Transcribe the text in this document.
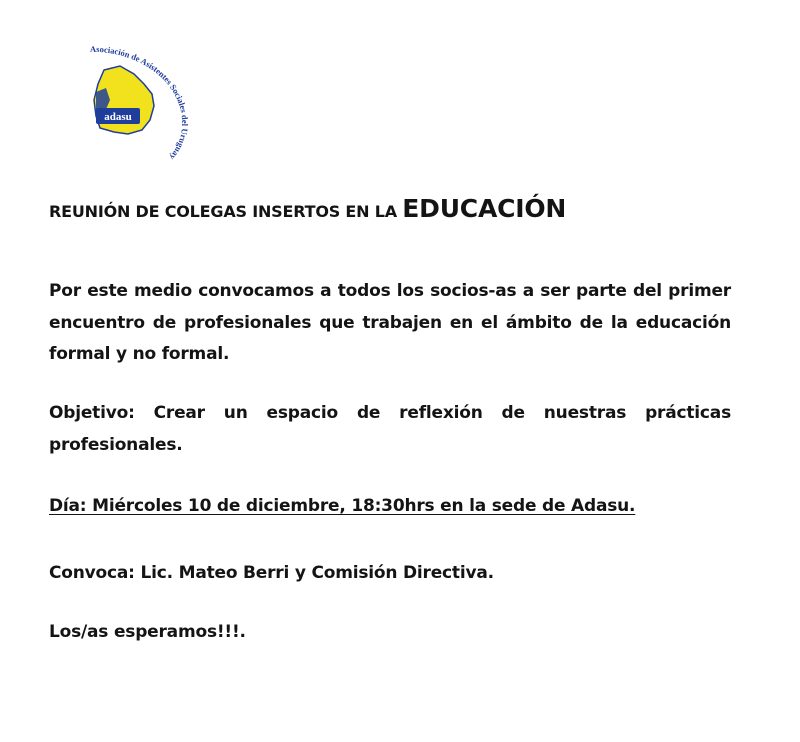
Asociación de Asistentes Sociales del Uruguay
adasu
REUNIÓN DE COLEGAS INSERTOS EN LA EDUCACIÓN

Por este medio convocamos a todos los socios-as a ser parte del primer encuentro de profesionales que trabajen en el ámbito de la educación formal y no formal.

Objetivo: Crear un espacio de reflexión de nuestras prácticas profesionales.

Día: Miércoles 10 de diciembre, 18:30hrs en la sede de Adasu.

Convoca: Lic. Mateo Berri y Comisión Directiva.

Los/as esperamos!!!.
